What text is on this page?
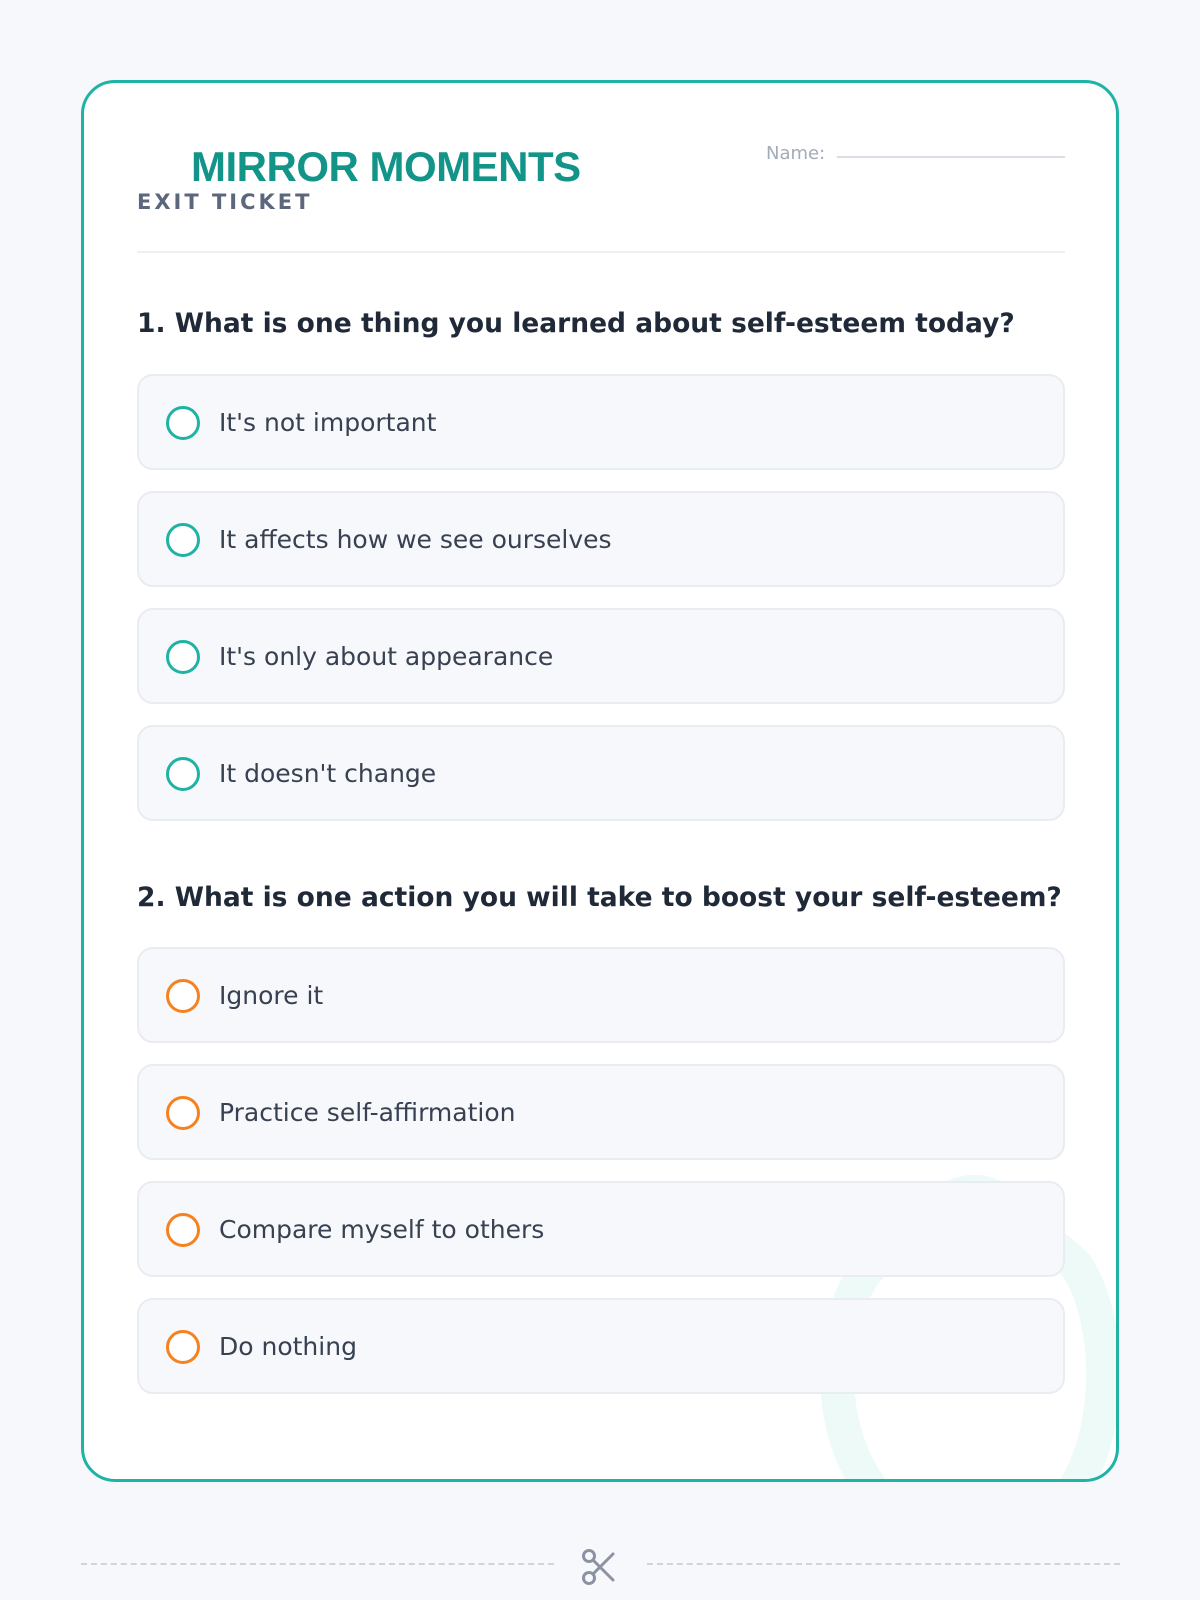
MIRROR MOMENTS	Name:
EXIT TICKET
1. What is one thing you learned about self-esteem today?
It's not important
It affects how we see ourselves
It's only about appearance
It doesn't change
2. What is one action you will take to boost your self-esteem?
Ignore it
Practice self-affirmation
Compare myself to others
Do nothing
